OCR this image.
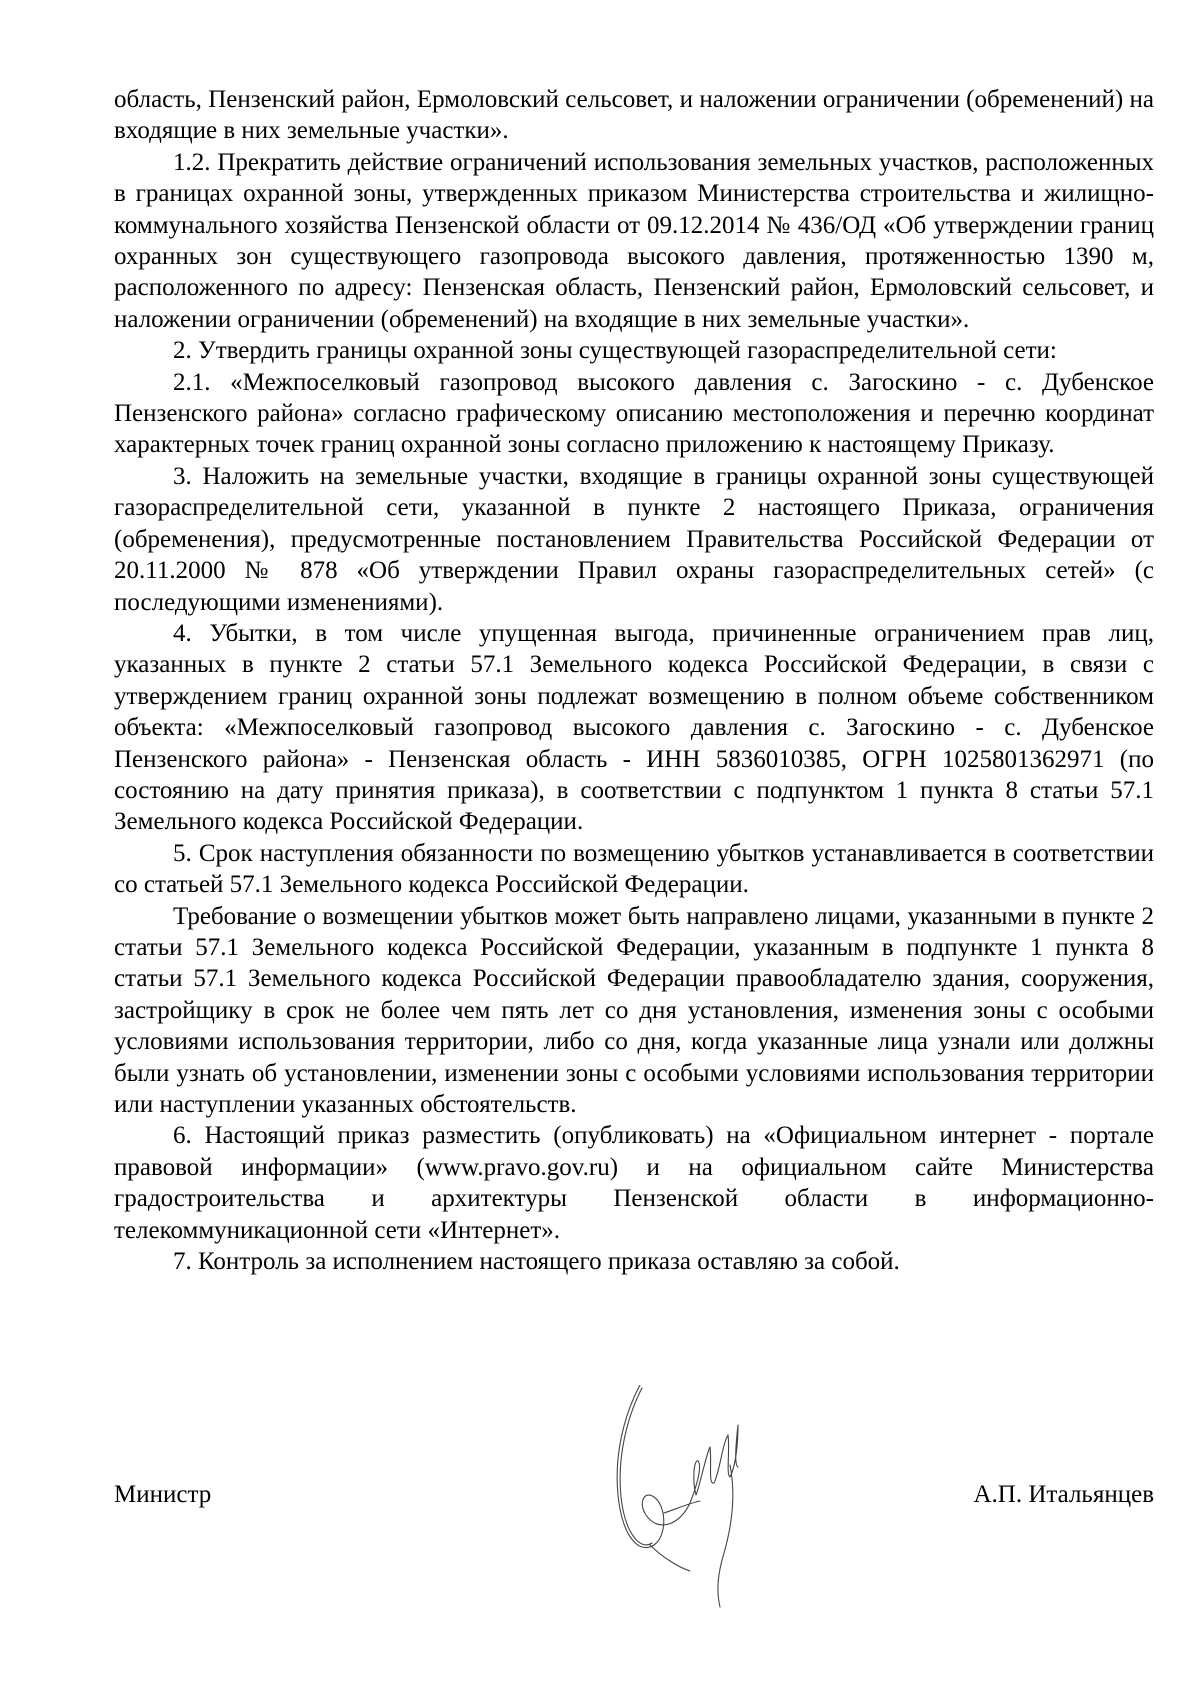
область, Пензенский район, Ермоловский сельсовет, и наложении ограничении (обременений) на входящие в них земельные участки».

1.2. Прекратить действие ограничений использования земельных участков, расположенных в границах охранной зоны, утвержденных приказом Министерства строительства и жилищно-коммунального хозяйства Пензенской области от 09.12.2014 № 436/ОД «Об утверждении границ охранных зон существующего газопровода высокого давления, протяженностью 1390 м, расположенного по адресу: Пензенская область, Пензенский район, Ермоловский сельсовет, и наложении ограничении (обременений) на входящие в них земельные участки».

2. Утвердить границы охранной зоны существующей газораспределительной сети:

2.1. «Межпоселковый газопровод высокого давления с. Загоскино - с. Дубенское Пензенского района» согласно графическому описанию местоположения и перечню координат характерных точек границ охранной зоны согласно приложению к настоящему Приказу.

3. Наложить на земельные участки, входящие в границы охранной зоны существующей газораспределительной сети, указанной в пункте 2 настоящего Приказа, ограничения (обременения), предусмотренные постановлением Правительства Российской Федерации от 20.11.2000 № 878 «Об утверждении Правил охраны газораспределительных сетей» (с последующими изменениями).

4. Убытки, в том числе упущенная выгода, причиненные ограничением прав лиц, указанных в пункте 2 статьи 57.1 Земельного кодекса Российской Федерации, в связи с утверждением границ охранной зоны подлежат возмещению в полном объеме собственником объекта: «Межпоселковый газопровод высокого давления с. Загоскино - с. Дубенское Пензенского района» - Пензенская область - ИНН 5836010385, ОГРН 1025801362971 (по состоянию на дату принятия приказа), в соответствии с подпунктом 1 пункта 8 статьи 57.1 Земельного кодекса Российской Федерации.

5. Срок наступления обязанности по возмещению убытков устанавливается в соответствии со статьей 57.1 Земельного кодекса Российской Федерации.

Требование о возмещении убытков может быть направлено лицами, указанными в пункте 2 статьи 57.1 Земельного кодекса Российской Федерации, указанным в подпункте 1 пункта 8 статьи 57.1 Земельного кодекса Российской Федерации правообладателю здания, сооружения, застройщику в срок не более чем пять лет со дня установления, изменения зоны с особыми условиями использования территории, либо со дня, когда указанные лица узнали или должны были узнать об установлении, изменении зоны с особыми условиями использования территории или наступлении указанных обстоятельств.

6. Настоящий приказ разместить (опубликовать) на «Официальном интернет - портале правовой информации» (www.pravo.gov.ru) и на официальном сайте Министерства градостроительства и архитектуры Пензенской области в информационно-телекоммуникационной сети «Интернет».

7. Контроль за исполнением настоящего приказа оставляю за собой.

Министр	А.П. Итальянцев
